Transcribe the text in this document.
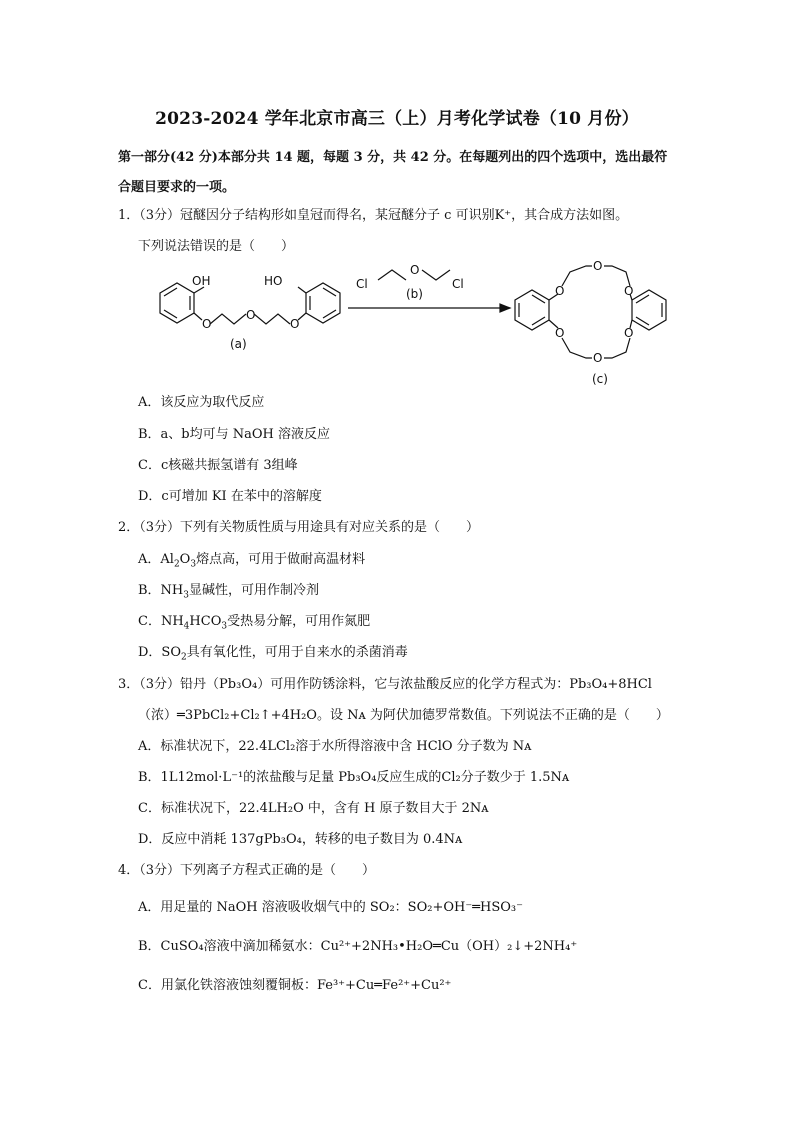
2023-2024 学年北京市高三（上）月考化学试卷（10 月份）
第一部分(42 分)本部分共 14 题，每题 3 分，共 42 分。在每题列出的四个选项中，选出最符
合题目要求的一项。
1．（3分）冠醚因分子结构形如皇冠而得名，某冠醚分子 c 可识别K⁺，其合成方法如图。
下列说法错误的是（　　）
OH	HO
O
O
O
(a)
Cl
O
Cl
(b)	O
O
O
O
O
O
(c)
A．该反应为取代反应
B．a、b均可与 NaOH 溶液反应
C．c核磁共振氢谱有 3组峰
D．c可增加 KI 在苯中的溶解度
2．（3分）下列有关物质性质与用途具有对应关系的是（　　）
A．$Al_2O_3$熔点高，可用于做耐高温材料
B．$NH_3$显碱性，可用作制冷剂
C．$NH_4HCO_3$受热易分解，可用作氮肥
D．$SO_2$具有氧化性，可用于自来水的杀菌消毒
3．（3分）铅丹（Pb₃O₄）可用作防锈涂料，它与浓盐酸反应的化学方程式为：Pb₃O₄+8HCl
（浓）═3PbCl₂+Cl₂↑+4H₂O。设 Nᴀ 为阿伏加德罗常数值。下列说法不正确的是（　　）
A．标准状况下，22.4LCl₂溶于水所得溶液中含 HClO 分子数为 Nᴀ
B．1L12mol·L⁻¹的浓盐酸与足量 Pb₃O₄反应生成的Cl₂分子数少于 1.5Nᴀ
C．标准状况下，22.4LH₂O 中，含有 H 原子数目大于 2Nᴀ
D．反应中消耗 137gPb₃O₄，转移的电子数目为 0.4Nᴀ
4．（3分）下列离子方程式正确的是（　　）
A．用足量的 NaOH 溶液吸收烟气中的 SO₂：SO₂+OH⁻═HSO₃⁻
B．CuSO₄溶液中滴加稀氨水：Cu²⁺+2NH₃•H₂O═Cu（OH）₂↓+2NH₄⁺
C．用氯化铁溶液蚀刻覆铜板：Fe³⁺+Cu═Fe²⁺+Cu²⁺
